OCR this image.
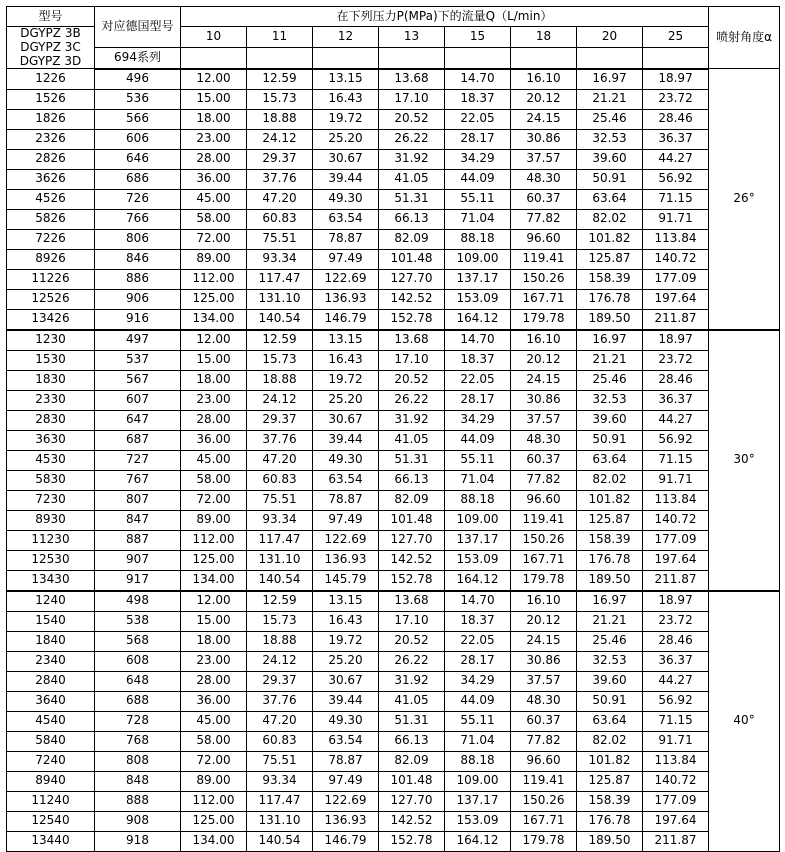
型号	对应德国型号	在下列压力P(MPa)下的流量Q（L/min）								喷射角度α

DGYPZ 3B
DGYPZ 3C
DGYPZ 3D		10	11	12	13	15	18	20	25	
	694系列									
1226	496	12.00	12.59	13.15	13.68	14.70	16.10	16.97	18.97	26°
1526	536	15.00	15.73	16.43	17.10	18.37	20.12	21.21	23.72	
1826	566	18.00	18.88	19.72	20.52	22.05	24.15	25.46	28.46	
2326	606	23.00	24.12	25.20	26.22	28.17	30.86	32.53	36.37	
2826	646	28.00	29.37	30.67	31.92	34.29	37.57	39.60	44.27	
3626	686	36.00	37.76	39.44	41.05	44.09	48.30	50.91	56.92	
4526	726	45.00	47.20	49.30	51.31	55.11	60.37	63.64	71.15	
5826	766	58.00	60.83	63.54	66.13	71.04	77.82	82.02	91.71	
7226	806	72.00	75.51	78.87	82.09	88.18	96.60	101.82	113.84	
8926	846	89.00	93.34	97.49	101.48	109.00	119.41	125.87	140.72	
11226	886	112.00	117.47	122.69	127.70	137.17	150.26	158.39	177.09	
12526	906	125.00	131.10	136.93	142.52	153.09	167.71	176.78	197.64	
13426	916	134.00	140.54	146.79	152.78	164.12	179.78	189.50	211.87	
1230	497	12.00	12.59	13.15	13.68	14.70	16.10	16.97	18.97	30°
1530	537	15.00	15.73	16.43	17.10	18.37	20.12	21.21	23.72	
1830	567	18.00	18.88	19.72	20.52	22.05	24.15	25.46	28.46	
2330	607	23.00	24.12	25.20	26.22	28.17	30.86	32.53	36.37	
2830	647	28.00	29.37	30.67	31.92	34.29	37.57	39.60	44.27	
3630	687	36.00	37.76	39.44	41.05	44.09	48.30	50.91	56.92	
4530	727	45.00	47.20	49.30	51.31	55.11	60.37	63.64	71.15	
5830	767	58.00	60.83	63.54	66.13	71.04	77.82	82.02	91.71	
7230	807	72.00	75.51	78.87	82.09	88.18	96.60	101.82	113.84	
8930	847	89.00	93.34	97.49	101.48	109.00	119.41	125.87	140.72	
11230	887	112.00	117.47	122.69	127.70	137.17	150.26	158.39	177.09	
12530	907	125.00	131.10	136.93	142.52	153.09	167.71	176.78	197.64	
13430	917	134.00	140.54	145.79	152.78	164.12	179.78	189.50	211.87	
1240	498	12.00	12.59	13.15	13.68	14.70	16.10	16.97	18.97	40°
1540	538	15.00	15.73	16.43	17.10	18.37	20.12	21.21	23.72	
1840	568	18.00	18.88	19.72	20.52	22.05	24.15	25.46	28.46	
2340	608	23.00	24.12	25.20	26.22	28.17	30.86	32.53	36.37	
2840	648	28.00	29.37	30.67	31.92	34.29	37.57	39.60	44.27	
3640	688	36.00	37.76	39.44	41.05	44.09	48.30	50.91	56.92	
4540	728	45.00	47.20	49.30	51.31	55.11	60.37	63.64	71.15	
5840	768	58.00	60.83	63.54	66.13	71.04	77.82	82.02	91.71	
7240	808	72.00	75.51	78.87	82.09	88.18	96.60	101.82	113.84	
8940	848	89.00	93.34	97.49	101.48	109.00	119.41	125.87	140.72	
11240	888	112.00	117.47	122.69	127.70	137.17	150.26	158.39	177.09	
12540	908	125.00	131.10	136.93	142.52	153.09	167.71	176.78	197.64	
13440	918	134.00	140.54	146.79	152.78	164.12	179.78	189.50	211.87	
